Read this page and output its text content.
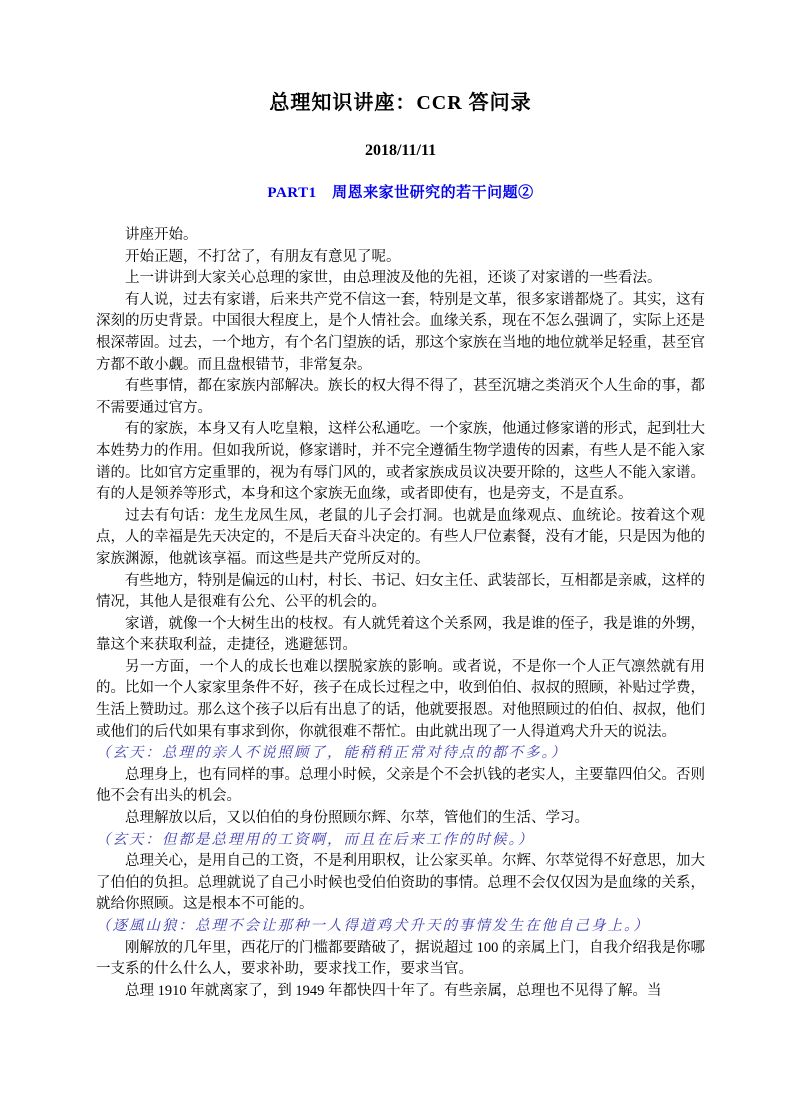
总理知识讲座：CCR 答问录
2018/11/11
PART1　周恩来家世研究的若干问题②

讲座开始。

开始正题，不打岔了，有朋友有意见了呢。

上一讲讲到大家关心总理的家世，由总理波及他的先祖，还谈了对家谱的一些看法。

有人说，过去有家谱，后来共产党不信这一套，特别是文革，很多家谱都烧了。其实，这有深刻的历史背景。中国很大程度上，是个人情社会。血缘关系，现在不怎么强调了，实际上还是根深蒂固。过去，一个地方，有个名门望族的话，那这个家族在当地的地位就举足轻重，甚至官方都不敢小觑。而且盘根错节，非常复杂。

有些事情，都在家族内部解决。族长的权大得不得了，甚至沉塘之类消灭个人生命的事，都不需要通过官方。

有的家族，本身又有人吃皇粮，这样公私通吃。一个家族，他通过修家谱的形式，起到壮大本姓势力的作用。但如我所说，修家谱时，并不完全遵循生物学遗传的因素，有些人是不能入家谱的。比如官方定重罪的，视为有辱门风的，或者家族成员议决要开除的，这些人不能入家谱。有的人是领养等形式，本身和这个家族无血缘，或者即使有，也是旁支，不是直系。

过去有句话：龙生龙凤生凤，老鼠的儿子会打洞。也就是血缘观点、血统论。按着这个观点，人的幸福是先天决定的，不是后天奋斗决定的。有些人尸位素餐，没有才能，只是因为他的家族渊源，他就该享福。而这些是共产党所反对的。

有些地方，特别是偏远的山村，村长、书记、妇女主任、武装部长，互相都是亲戚，这样的情况，其他人是很难有公允、公平的机会的。

家谱，就像一个大树生出的枝杈。有人就凭着这个关系网，我是谁的侄子，我是谁的外甥，靠这个来获取利益，走捷径，逃避惩罚。

另一方面，一个人的成长也难以摆脱家族的影响。或者说，不是你一个人正气凛然就有用的。比如一个人家家里条件不好，孩子在成长过程之中，收到伯伯、叔叔的照顾，补贴过学费，生活上赞助过。那么这个孩子以后有出息了的话，他就要报恩。对他照顾过的伯伯、叔叔，他们或他们的后代如果有事求到你，你就很难不帮忙。由此就出现了一人得道鸡犬升天的说法。

（玄天：总理的亲人不说照顾了，能稍稍正常对待点的都不多。）

总理身上，也有同样的事。总理小时候，父亲是个不会扒钱的老实人，主要靠四伯父。否则他不会有出头的机会。

总理解放以后，又以伯伯的身份照顾尔辉、尔萃，管他们的生活、学习。

（玄天：但都是总理用的工资啊，而且在后来工作的时候。）

总理关心，是用自己的工资，不是利用职权，让公家买单。尔辉、尔萃觉得不好意思，加大了伯伯的负担。总理就说了自己小时候也受伯伯资助的事情。总理不会仅仅因为是血缘的关系，就给你照顾。这是根本不可能的。

（逐風山狼：总理不会让那种一人得道鸡犬升天的事情发生在他自己身上。）

刚解放的几年里，西花厅的门槛都要踏破了，据说超过 100 的亲属上门，自我介绍我是你哪一支系的什么什么人，要求补助，要求找工作，要求当官。

总理 1910 年就离家了，到 1949 年都快四十年了。有些亲属，总理也不见得了解。当
